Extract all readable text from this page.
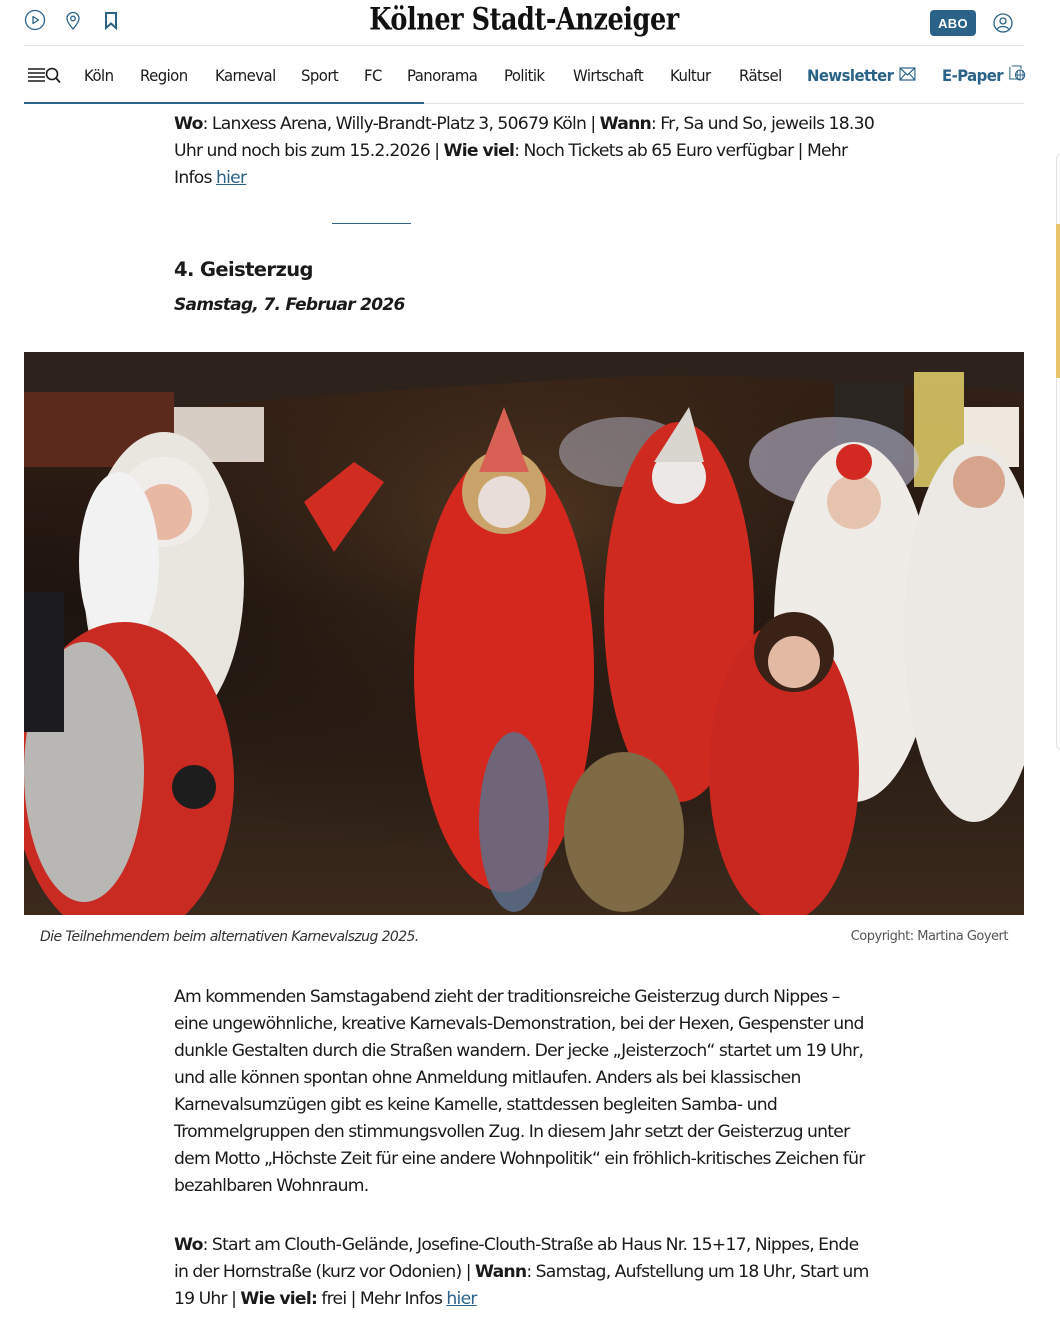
Kölner Stadt-Anzeiger	ABO
Köln Region Karneval Sport FC Panorama Politik Wirtschaft Kultur Rätsel Newsletter	E-Paper

Wo: Lanxess Arena, Willy-Brandt-Platz 3, 50679 Köln | Wann: Fr, Sa und So, jeweils 18.30 Uhr und noch bis zum 15.2.2026 | Wie viel: Noch Tickets ab 65 Euro verfügbar | Mehr Infos hier

4. Geisterzug
Samstag, 7. Februar 2026
Die Teilnehmendem beim alternativen Karnevalszug 2025.	Copyright: Martina Goyert

Am kommenden Samstagabend zieht der traditionsreiche Geisterzug durch Nippes – eine ungewöhnliche, kreative Karnevals-Demonstration, bei der Hexen, Gespenster und dunkle Gestalten durch die Straßen wandern. Der jecke „Jeisterzoch“ startet um 19 Uhr, und alle können spontan ohne Anmeldung mitlaufen. Anders als bei klassischen Karnevalsumzügen gibt es keine Kamelle, stattdessen begleiten Samba- und Trommelgruppen den stimmungsvollen Zug. In diesem Jahr setzt der Geisterzug unter dem Motto „Höchste Zeit für eine andere Wohnpolitik“ ein fröhlich-kritisches Zeichen für bezahlbaren Wohnraum.

Wo: Start am Clouth-Gelände, Josefine-Clouth-Straße ab Haus Nr. 15+17, Nippes, Ende in der Hornstraße (kurz vor Odonien) | Wann: Samstag, Aufstellung um 18 Uhr, Start um 19 Uhr | Wie viel: frei | Mehr Infos hier
